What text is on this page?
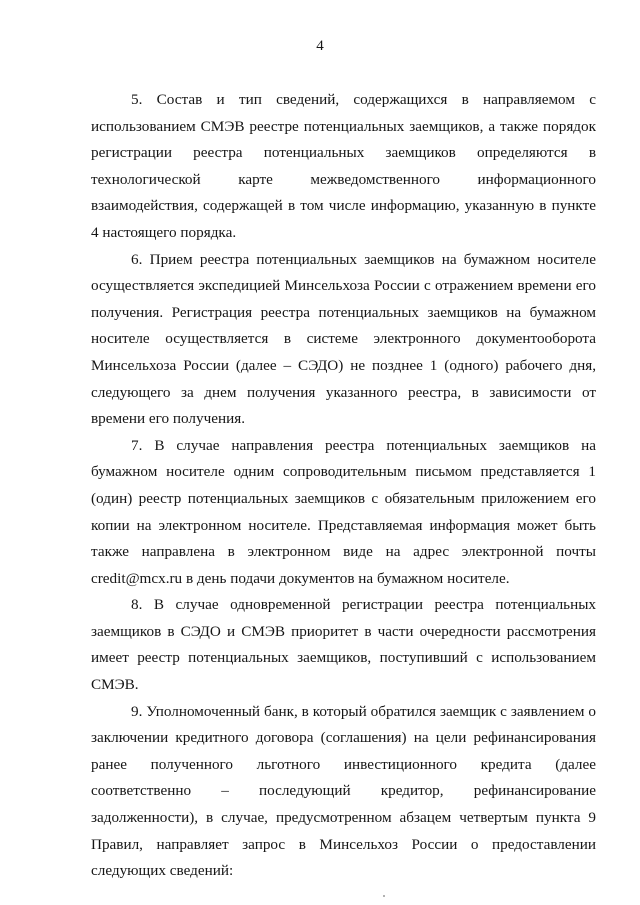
4

5. Состав и тип сведений, содержащихся в направляемом с использованием СМЭВ реестре потенциальных заемщиков, а также порядок регистрации реестра потенциальных заемщиков определяются в технологической карте межведомственного информационного взаимодействия, содержащей в том числе информацию, указанную в пункте 4 настоящего порядка.

6. Прием реестра потенциальных заемщиков на бумажном носителе осуществляется экспедицией Минсельхоза России с отражением времени его получения. Регистрация реестра потенциальных заемщиков на бумажном носителе осуществляется в системе электронного документооборота Минсельхоза России (далее – СЭДО) не позднее 1 (одного) рабочего дня, следующего за днем получения указанного реестра, в зависимости от времени его получения.

7. В случае направления реестра потенциальных заемщиков на бумажном носителе одним сопроводительным письмом представляется 1 (один) реестр потенциальных заемщиков с обязательным приложением его копии на электронном носителе. Представляемая информация может быть также направлена в электронном виде на адрес электронной почты credit@mcx.ru в день подачи документов на бумажном носителе.

8. В случае одновременной регистрации реестра потенциальных заемщиков в СЭДО и СМЭВ приоритет в части очередности рассмотрения имеет реестр потенциальных заемщиков, поступивший с использованием СМЭВ.

9. Уполномоченный банк, в который обратился заемщик с заявлением о заключении кредитного договора (соглашения) на цели рефинансирования ранее полученного льготного инвестиционного кредита (далее соответственно – последующий кредитор, рефинансирование задолженности), в случае, предусмотренном абзацем четвертым пункта 9 Правил, направляет запрос в Минсельхоз России о предоставлении следующих сведений:
